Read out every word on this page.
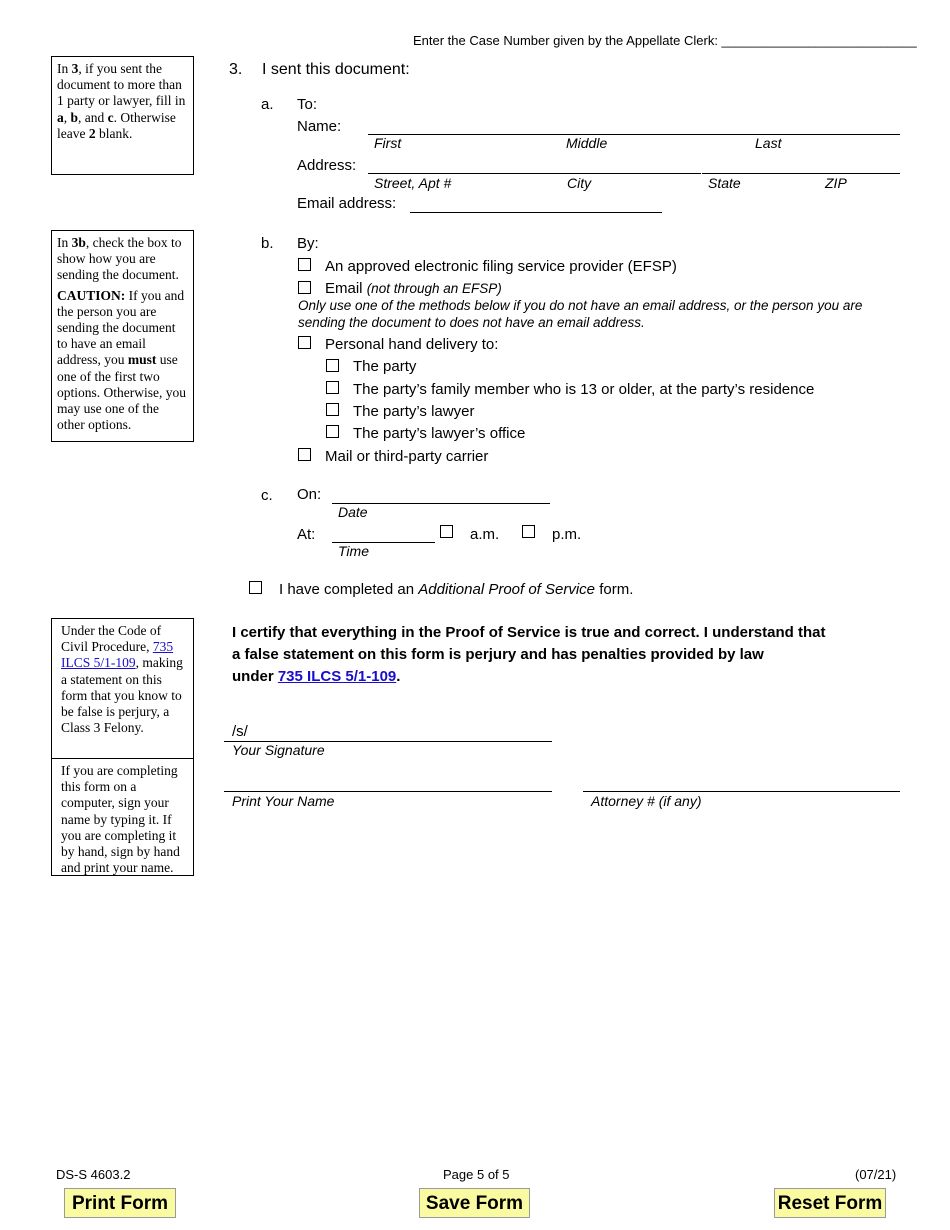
Enter the Case Number given by the Appellate Clerk: ___________________________

In 3, if you sent the document to more than 1 party or lawyer, fill in a, b, and c. Otherwise leave 2 blank.

In 3b, check the box to show how you are sending the document.

CAUTION: If you and the person you are sending the document to have an email address, you must use one of the first two options. Otherwise, you may use one of the other options.

Under the Code of Civil Procedure, 735 ILCS 5/1-109, making a statement on this form that you know to be false is perjury, a Class 3 Felony.

If you are completing this form on a computer, sign your name by typing it. If you are completing it by hand, sign by hand and print your name.

3. I sent this document:
a. To:
Name:
First	Middle	Last
Address:
Street, Apt #	City	State	ZIP
Email address:
b. By:
An approved electronic filing service provider (EFSP)
Email (not through an EFSP)
Only use one of the methods below if you do not have an email address, or the person you are
sending the document to does not have an email address.
Personal hand delivery to:
The party
The party’s family member who is 13 or older, at the party’s residence
The party’s lawyer
The party’s lawyer’s office
Mail or third-party carrier
c. On:
Date
At:
Time
a.m.	p.m.
I have completed an Additional Proof of Service form.
I certify that everything in the Proof of Service is true and correct. I understand that
a false statement on this form is perjury and has penalties provided by law
under 735 ILCS 5/1-109.
/s/
Your Signature
Print Your Name	Attorney # (if any)
DS-S 4603.2	Page 5 of 5	(07/21)
Print Form	Save Form	Reset Form
